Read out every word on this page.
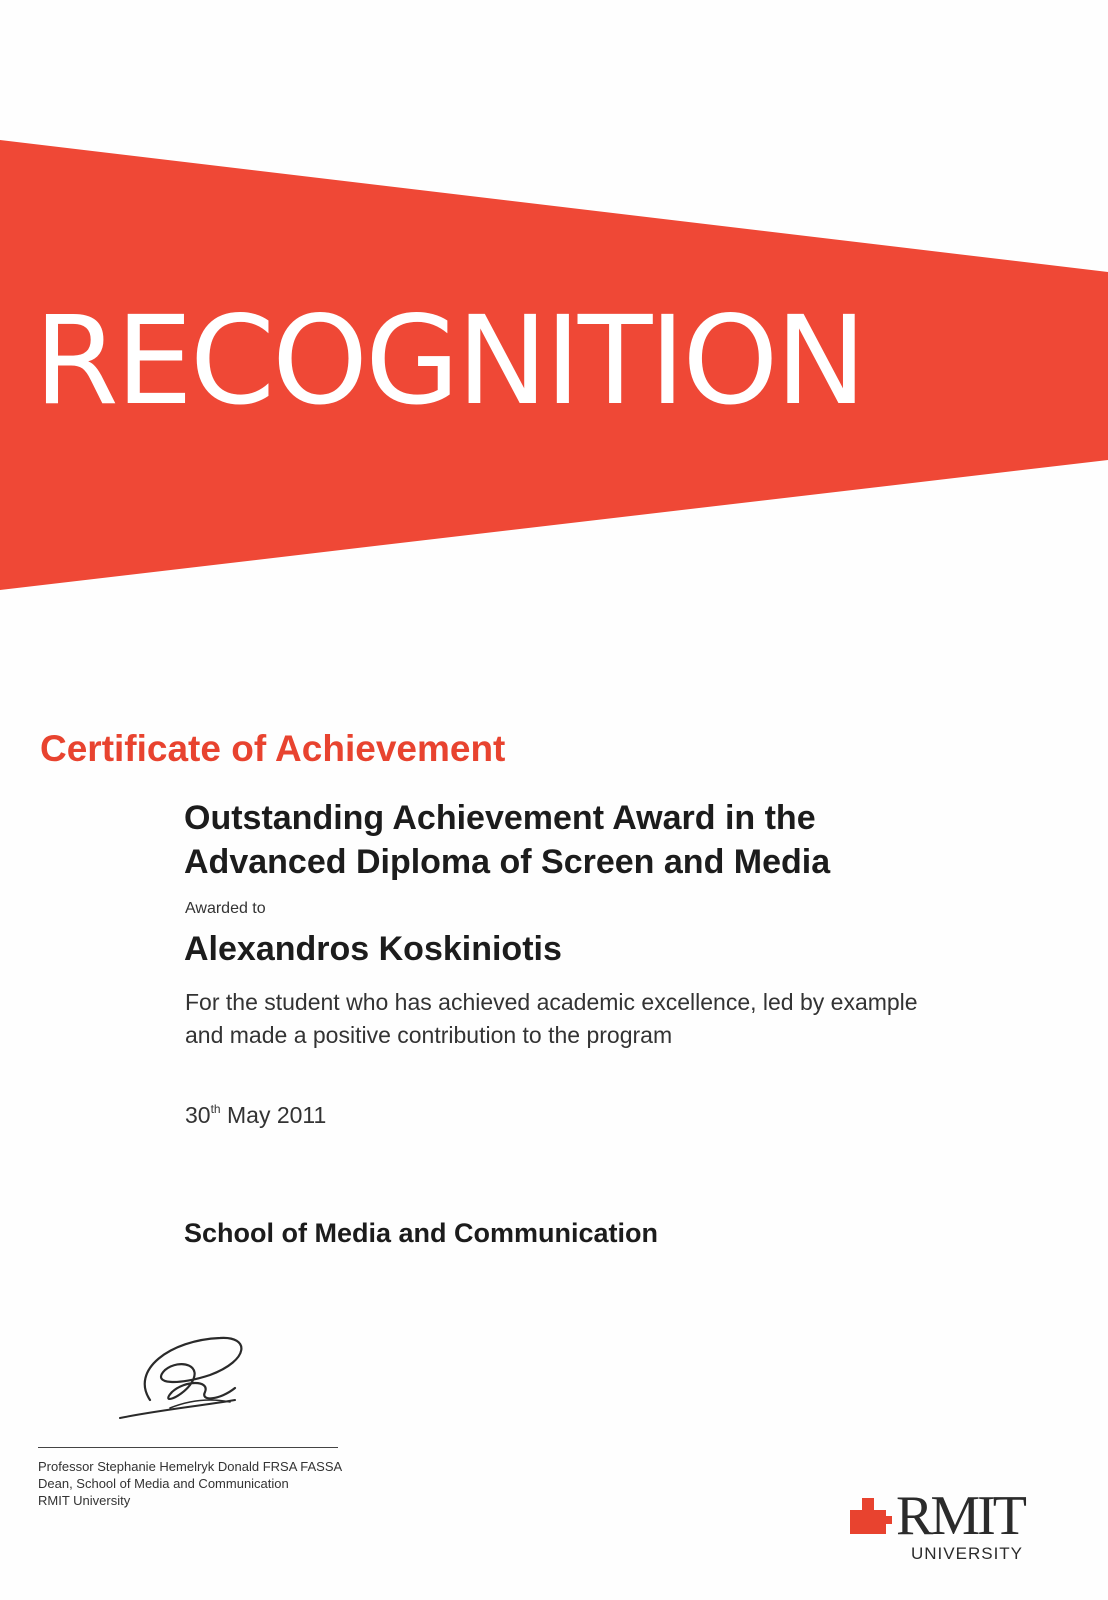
RECOGNITION
Certificate of Achievement
Outstanding Achievement Award in the
Advanced Diploma of Screen and Media
Awarded to
Alexandros Koskiniotis
For the student who has achieved academic excellence, led by example
and made a positive contribution to the program
30th May 2011
School of Media and Communication
Professor Stephanie Hemelryk Donald FRSA FASSA
Dean, School of Media and Communication
RMIT University	RMIT
UNIVERSITY
